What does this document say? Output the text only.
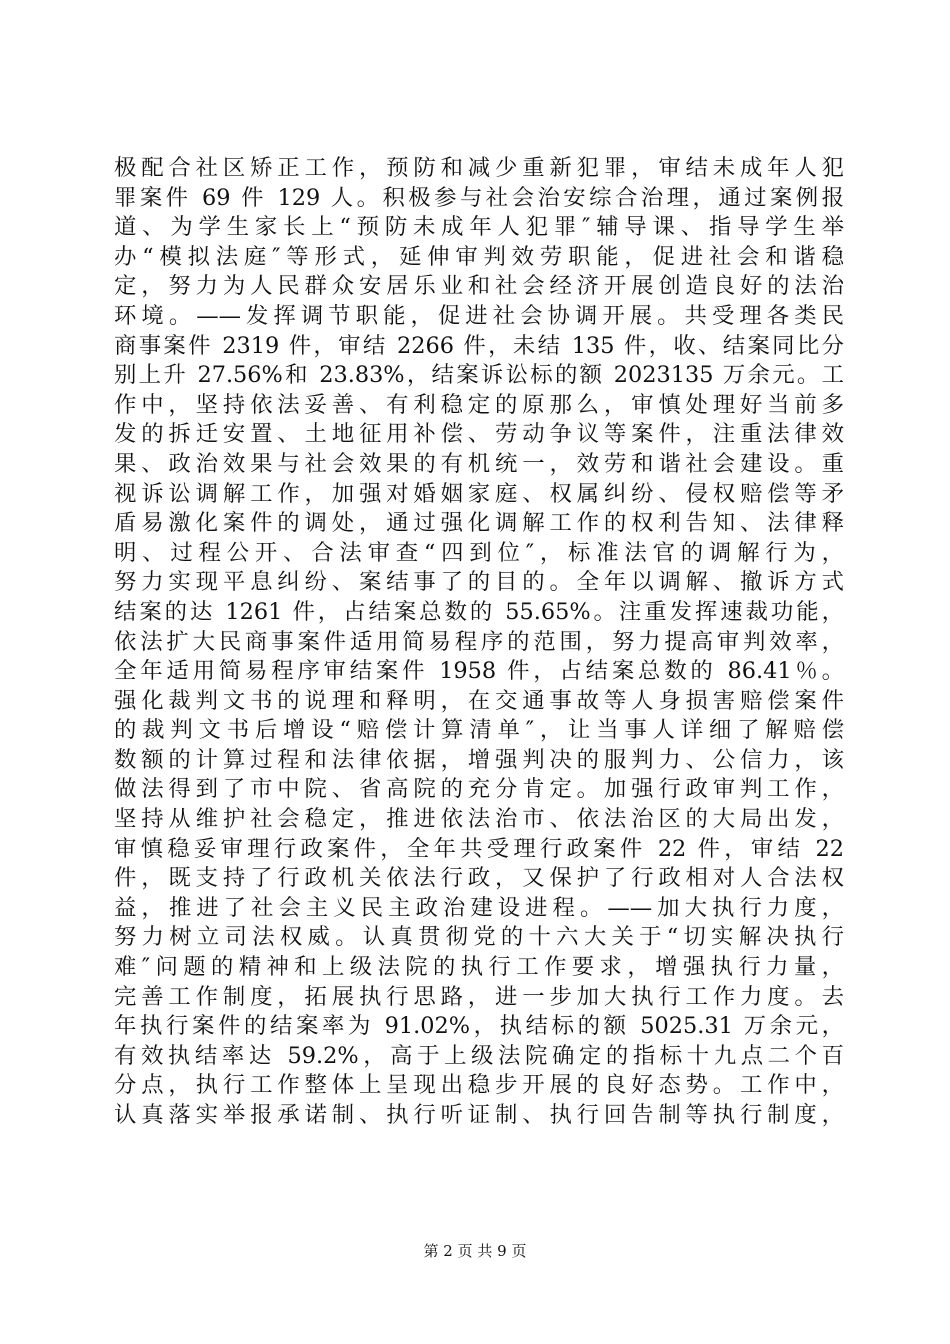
极配合社区矫正工作，预防和减少重新犯罪，审结未成年人犯
罪案件 69 件 129 人。积极参与社会治安综合治理，通过案例报
道、为学生家长上“预防未成年人犯罪″辅导课、指导学生举
办“模拟法庭″等形式，延伸审判效劳职能，促进社会和谐稳
定，努力为人民群众安居乐业和社会经济开展创造良好的法治
环境。——发挥调节职能，促进社会协调开展。共受理各类民
商事案件 2319 件，审结 2266 件，未结 135 件，收、结案同比分
别上升 27.56%和 23.83%，结案诉讼标的额 2023135 万余元。工
作中，坚持依法妥善、有利稳定的原那么，审慎处理好当前多
发的拆迁安置、土地征用补偿、劳动争议等案件，注重法律效
果、政治效果与社会效果的有机统一，效劳和谐社会建设。重
视诉讼调解工作，加强对婚姻家庭、权属纠纷、侵权赔偿等矛
盾易激化案件的调处，通过强化调解工作的权利告知、法律释
明、过程公开、合法审查“四到位″，标准法官的调解行为，
努力实现平息纠纷、案结事了的目的。全年以调解、撤诉方式
结案的达 1261 件，占结案总数的 55.65%。注重发挥速裁功能，
依法扩大民商事案件适用简易程序的范围，努力提高审判效率，
全年适用简易程序审结案件 1958 件，占结案总数的 86.41％。
强化裁判文书的说理和释明，在交通事故等人身损害赔偿案件
的裁判文书后增设“赔偿计算清单″，让当事人详细了解赔偿
数额的计算过程和法律依据，增强判决的服判力、公信力，该
做法得到了市中院、省高院的充分肯定。加强行政审判工作，
坚持从维护社会稳定，推进依法治市、依法治区的大局出发，
审慎稳妥审理行政案件，全年共受理行政案件 22 件，审结 22
件，既支持了行政机关依法行政，又保护了行政相对人合法权
益，推进了社会主义民主政治建设进程。——加大执行力度，
努力树立司法权威。认真贯彻党的十六大关于“切实解决执行
难″问题的精神和上级法院的执行工作要求，增强执行力量，
完善工作制度，拓展执行思路，进一步加大执行工作力度。去
年执行案件的结案率为 91.02%，执结标的额 5025.31 万余元，
有效执结率达 59.2%，高于上级法院确定的指标十九点二个百
分点，执行工作整体上呈现出稳步开展的良好态势。工作中，
认真落实举报承诺制、执行听证制、执行回告制等执行制度，
第 2 页 共 9 页
